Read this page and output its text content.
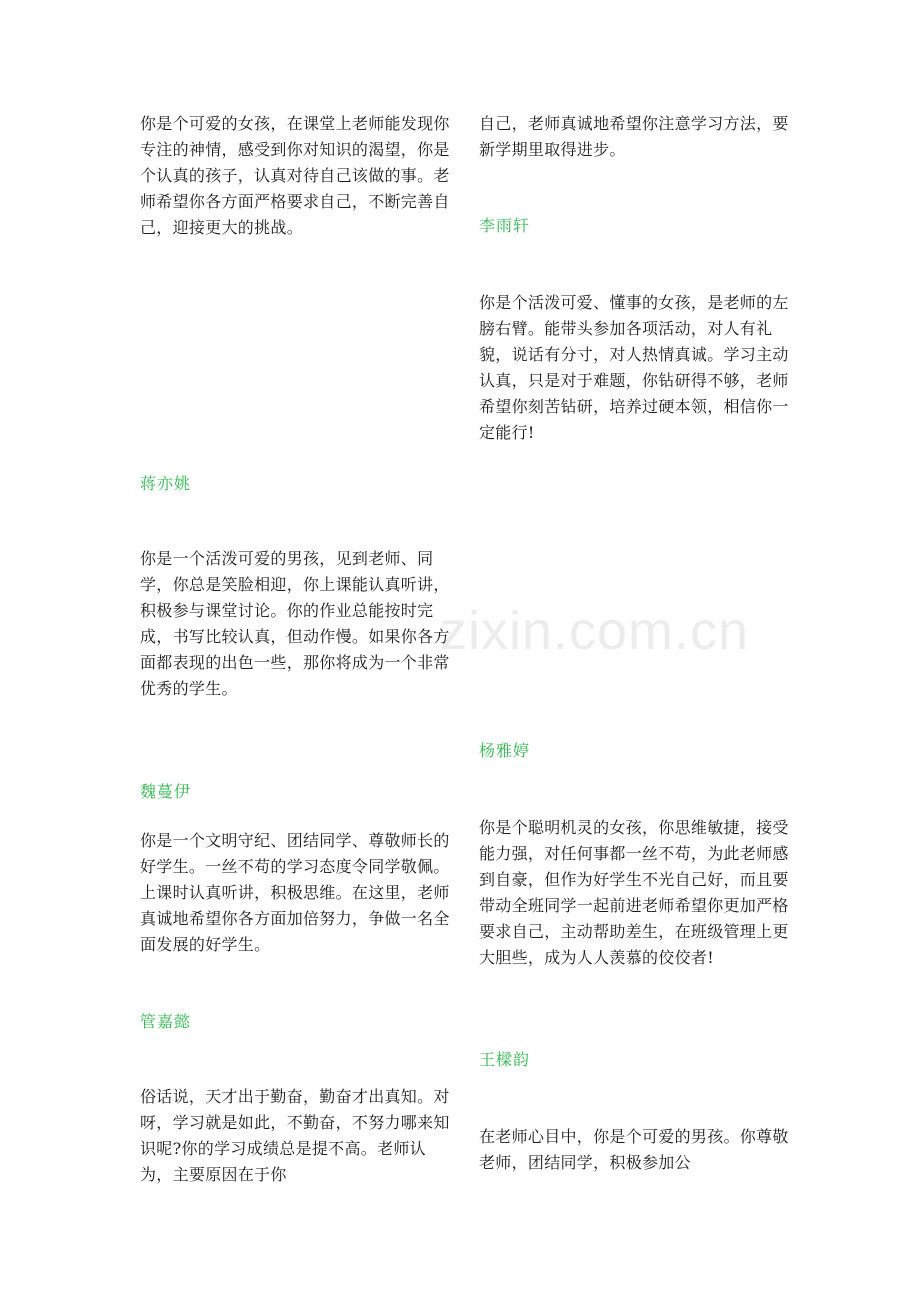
你是个可爱的女孩，在课堂上老师能发现你专注的神情，感受到你对知识的渴望，你是个认真的孩子，认真对待自己该做的事。老师希望你各方面严格要求自己，不断完善自己，迎接更大的挑战。

蒋亦姚

你是一个活泼可爱的男孩，见到老师、同学，你总是笑脸相迎，你上课能认真听讲，积极参与课堂讨论。你的作业总能按时完成，书写比较认真，但动作慢。如果你各方面都表现的出色一些，那你将成为一个非常优秀的学生。

魏蔓伊

你是一个文明守纪、团结同学、尊敬师长的好学生。一丝不苟的学习态度令同学敬佩。上课时认真听讲，积极思维。在这里，老师真诚地希望你各方面加倍努力，争做一名全面发展的好学生。

管嘉懿

俗话说，天才出于勤奋，勤奋才出真知。对呀，学习就是如此，不勤奋，不努力哪来知识呢?你的学习成绩总是提不高。老师认为，主要原因在于你

自己，老师真诚地希望你注意学习方法，要新学期里取得进步。

李雨轩

你是个活泼可爱、懂事的女孩，是老师的左膀右臂。能带头参加各项活动，对人有礼貌，说话有分寸，对人热情真诚。学习主动认真，只是对于难题，你钻研得不够，老师希望你刻苦钻研，培养过硬本领，相信你一定能行!

杨雅婷

你是个聪明机灵的女孩，你思维敏捷，接受能力强，对任何事都一丝不苟，为此老师感到自豪，但作为好学生不光自己好，而且要带动全班同学一起前进老师希望你更加严格要求自己，主动帮助差生，在班级管理上更大胆些，成为人人羡慕的佼佼者!

王樑韵

在老师心目中，你是个可爱的男孩。你尊敬老师，团结同学，积极参加公

zixin.com.cn
